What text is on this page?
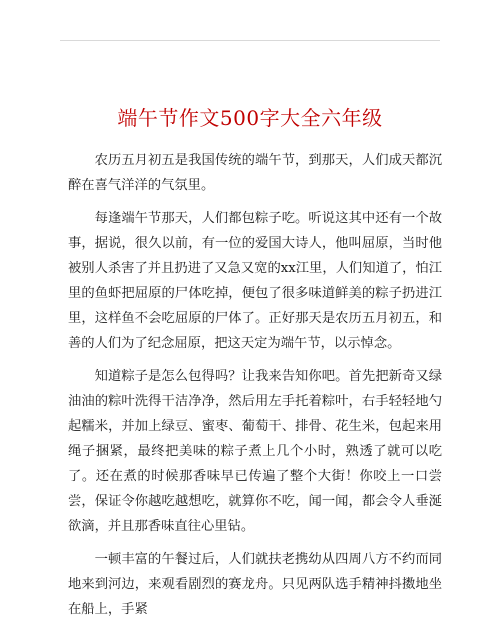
端午节作文500字大全六年级

农历五月初五是我国传统的端午节，到那天，人们成天都沉醉在喜气洋洋的气氛里。

每逢端午节那天，人们都包粽子吃。听说这其中还有一个故事，据说，很久以前，有一位的爱国大诗人，他叫屈原，当时他被别人杀害了并且扔进了又急又宽的xx江里，人们知道了，怕江里的鱼虾把屈原的尸体吃掉，便包了很多味道鲜美的粽子扔进江里，这样鱼不会吃屈原的尸体了。正好那天是农历五月初五，和善的人们为了纪念屈原，把这天定为端午节，以示悼念。

知道粽子是怎么包得吗？让我来告知你吧。首先把新奇又绿油油的粽叶洗得干洁净净，然后用左手托着粽叶，右手轻轻地勺起糯米，并加上绿豆、蜜枣、葡萄干、排骨、花生米，包起来用绳子捆紧，最终把美味的粽子煮上几个小时，熟透了就可以吃了。还在煮的时候那香味早已传遍了整个大街！你咬上一口尝尝，保证令你越吃越想吃，就算你不吃，闻一闻，都会令人垂涎欲滴，并且那香味直往心里钻。

一顿丰富的午餐过后，人们就扶老携幼从四周八方不约而同地来到河边，来观看剧烈的赛龙舟。只见两队选手精神抖擞地坐在船上，手紧
